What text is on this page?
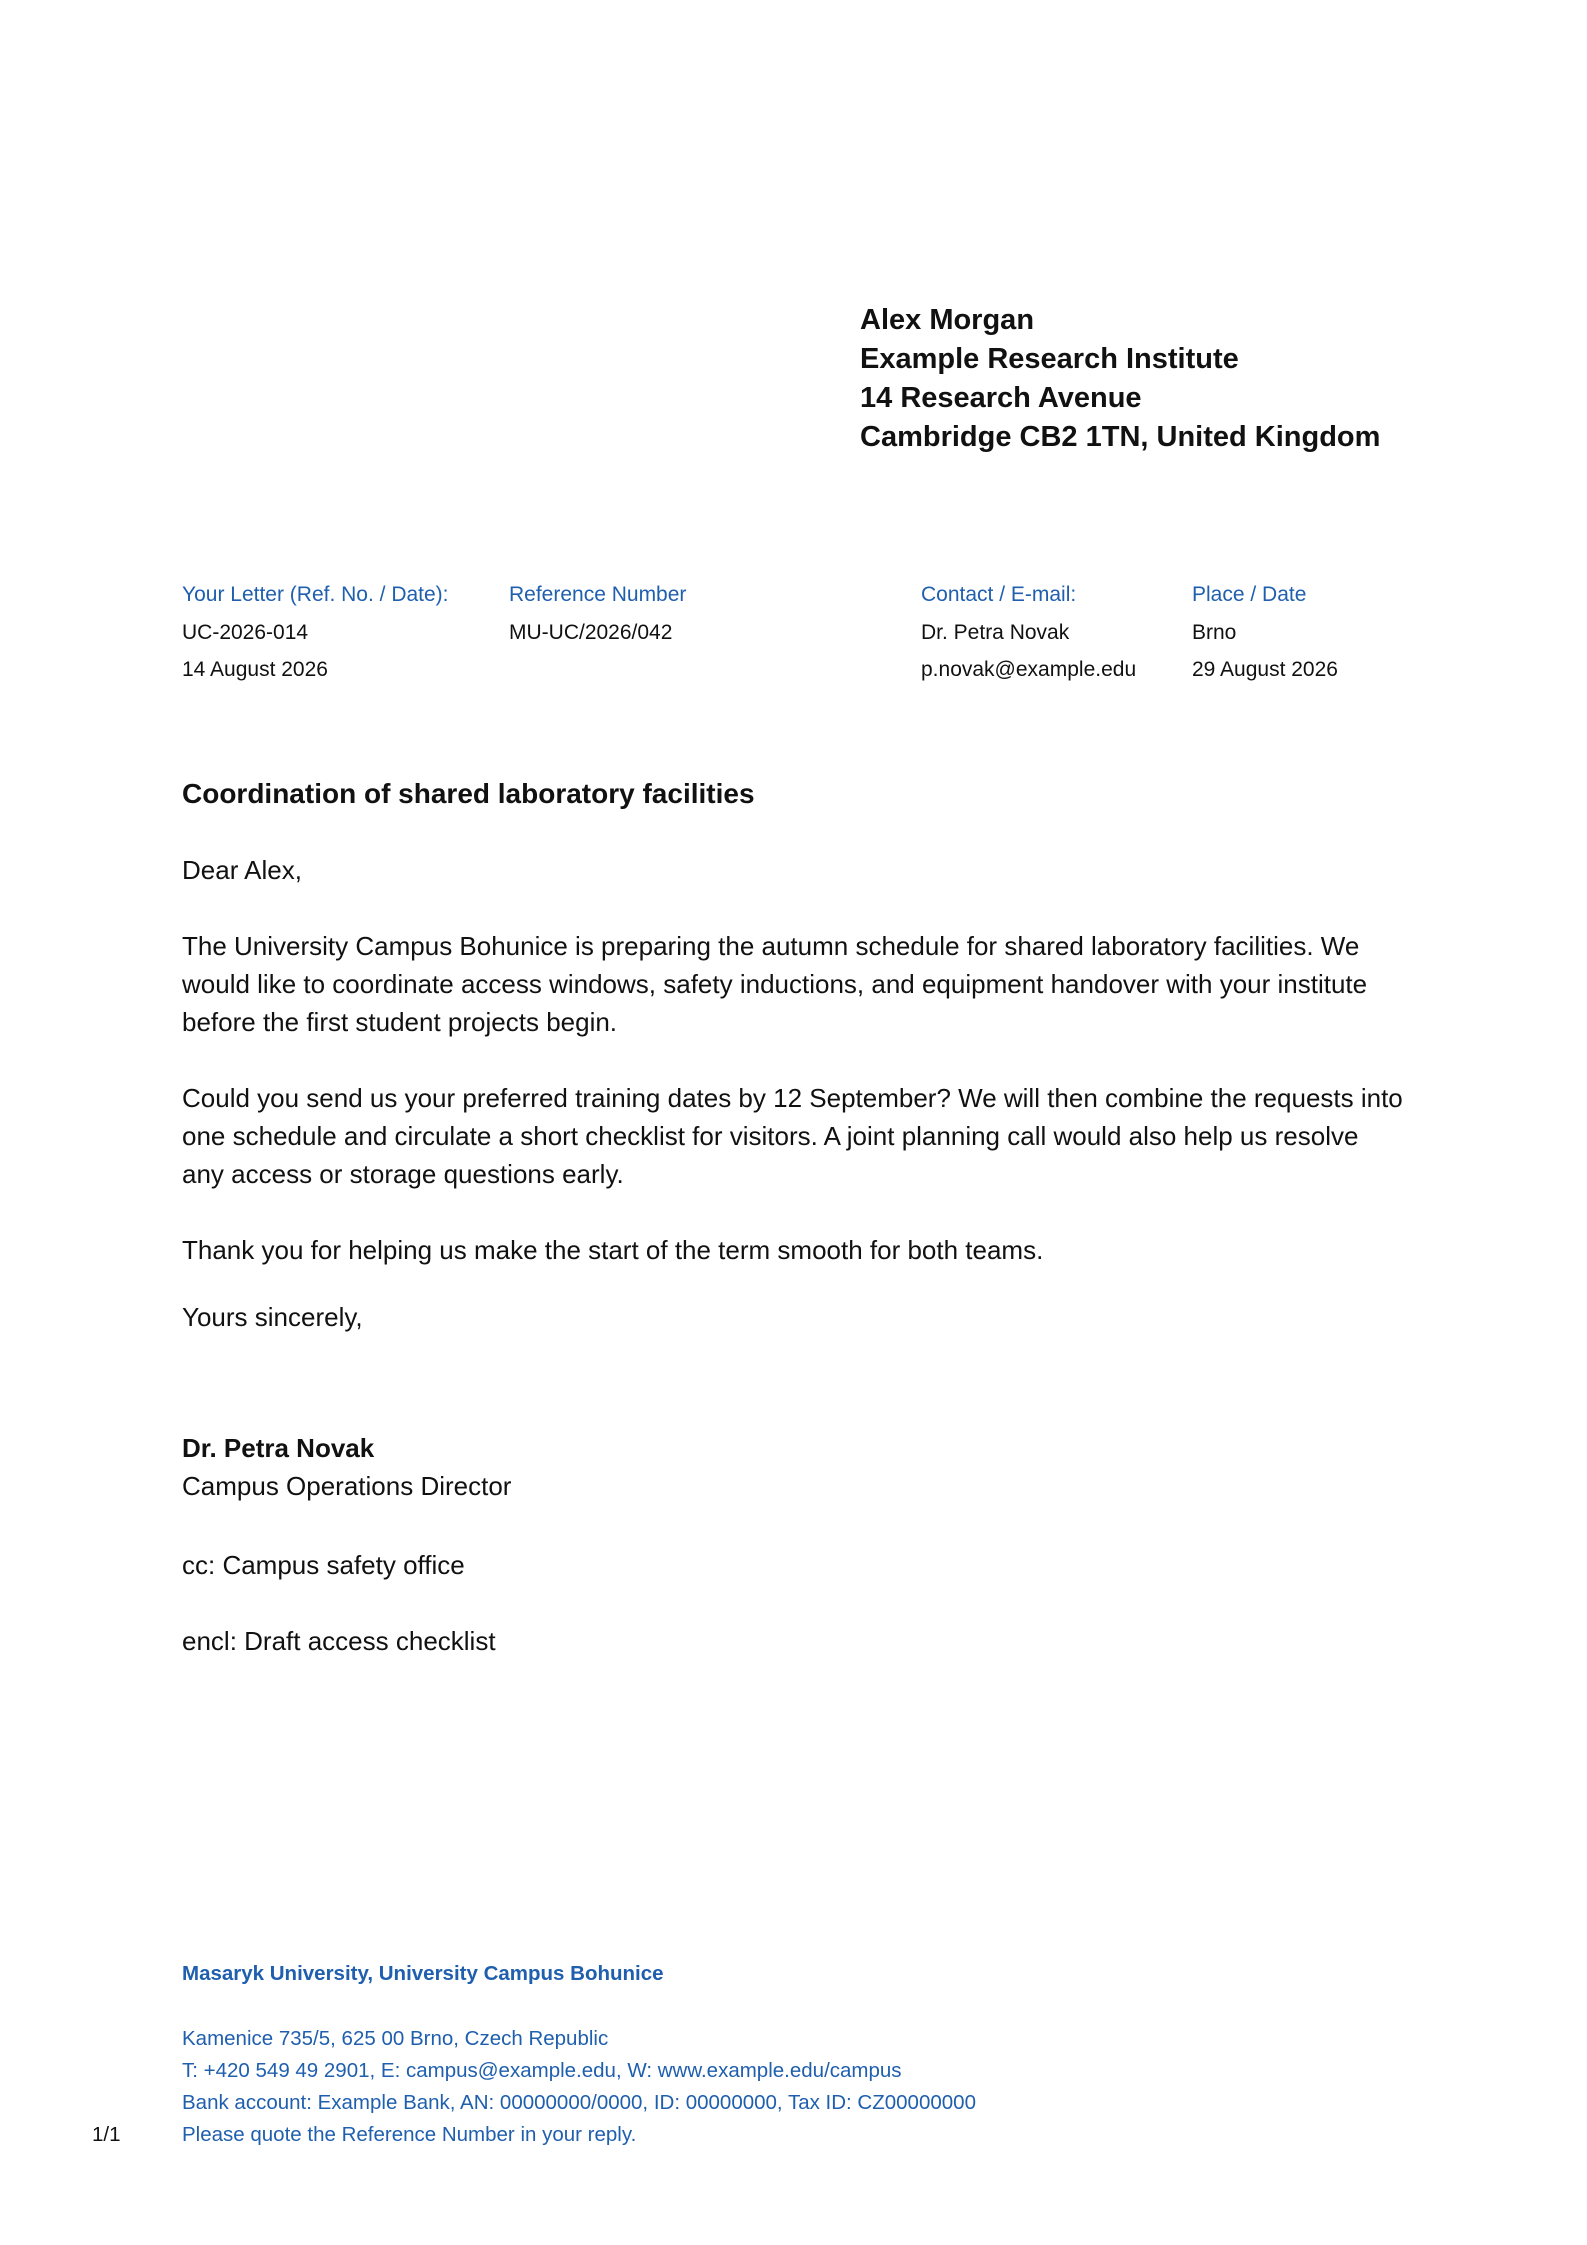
Alex Morgan
Example Research Institute
14 Research Avenue
Cambridge CB2 1TN, United Kingdom
Your Letter (Ref. No. / Date):
UC-2026-014
14 August 2026
Reference Number
MU-UC/2026/042
Contact / E-mail:
Dr. Petra Novak
p.novak@example.edu
Place / Date
Brno
29 August 2026
Coordination of shared laboratory facilities
Dear Alex,
The University Campus Bohunice is preparing the autumn schedule for shared laboratory facilities. We
would like to coordinate access windows, safety inductions, and equipment handover with your institute
before the first student projects begin.
Could you send us your preferred training dates by 12 September? We will then combine the requests into
one schedule and circulate a short checklist for visitors. A joint planning call would also help us resolve
any access or storage questions early.
Thank you for helping us make the start of the term smooth for both teams.
Yours sincerely,
Dr. Petra Novak
Campus Operations Director
cc: Campus safety office
encl: Draft access checklist
Masaryk University, University Campus Bohunice
Kamenice 735/5, 625 00 Brno, Czech Republic
T: +420 549 49 2901, E: campus@example.edu, W: www.example.edu/campus
Bank account: Example Bank, AN: 00000000/0000, ID: 00000000, Tax ID: CZ00000000
Please quote the Reference Number in your reply.
1/1
